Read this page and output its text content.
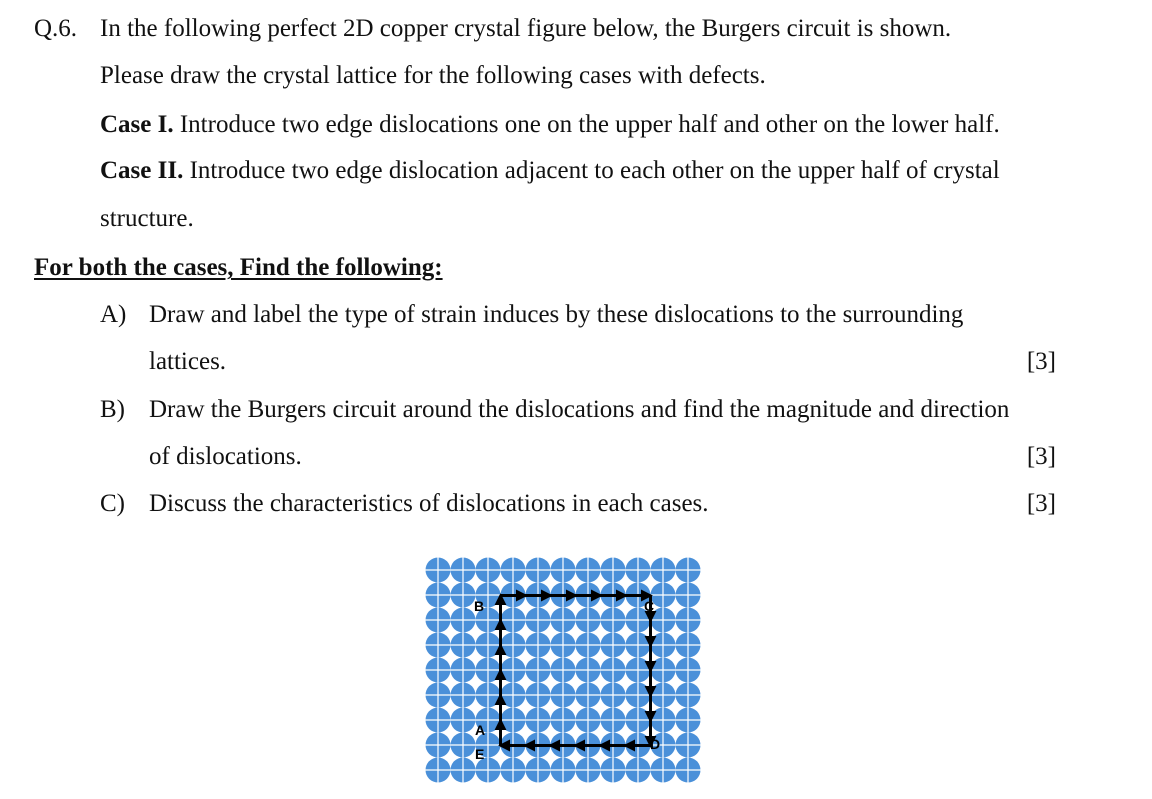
Q.6. In the following perfect 2D copper crystal figure below, the Burgers circuit is shown.
Please draw the crystal lattice for the following cases with defects.
Case I. Introduce two edge dislocations one on the upper half and other on the lower half.
Case II. Introduce two edge dislocation adjacent to each other on the upper half of crystal
structure.
For both the cases, Find the following:
A) Draw and label the type of strain induces by these dislocations to the surrounding
lattices.	[3]
B) Draw the Burgers circuit around the dislocations and find the magnitude and direction
of dislocations.	[3]
C) Discuss the characteristics of dislocations in each cases.	[3]
B	C
A
E
D
